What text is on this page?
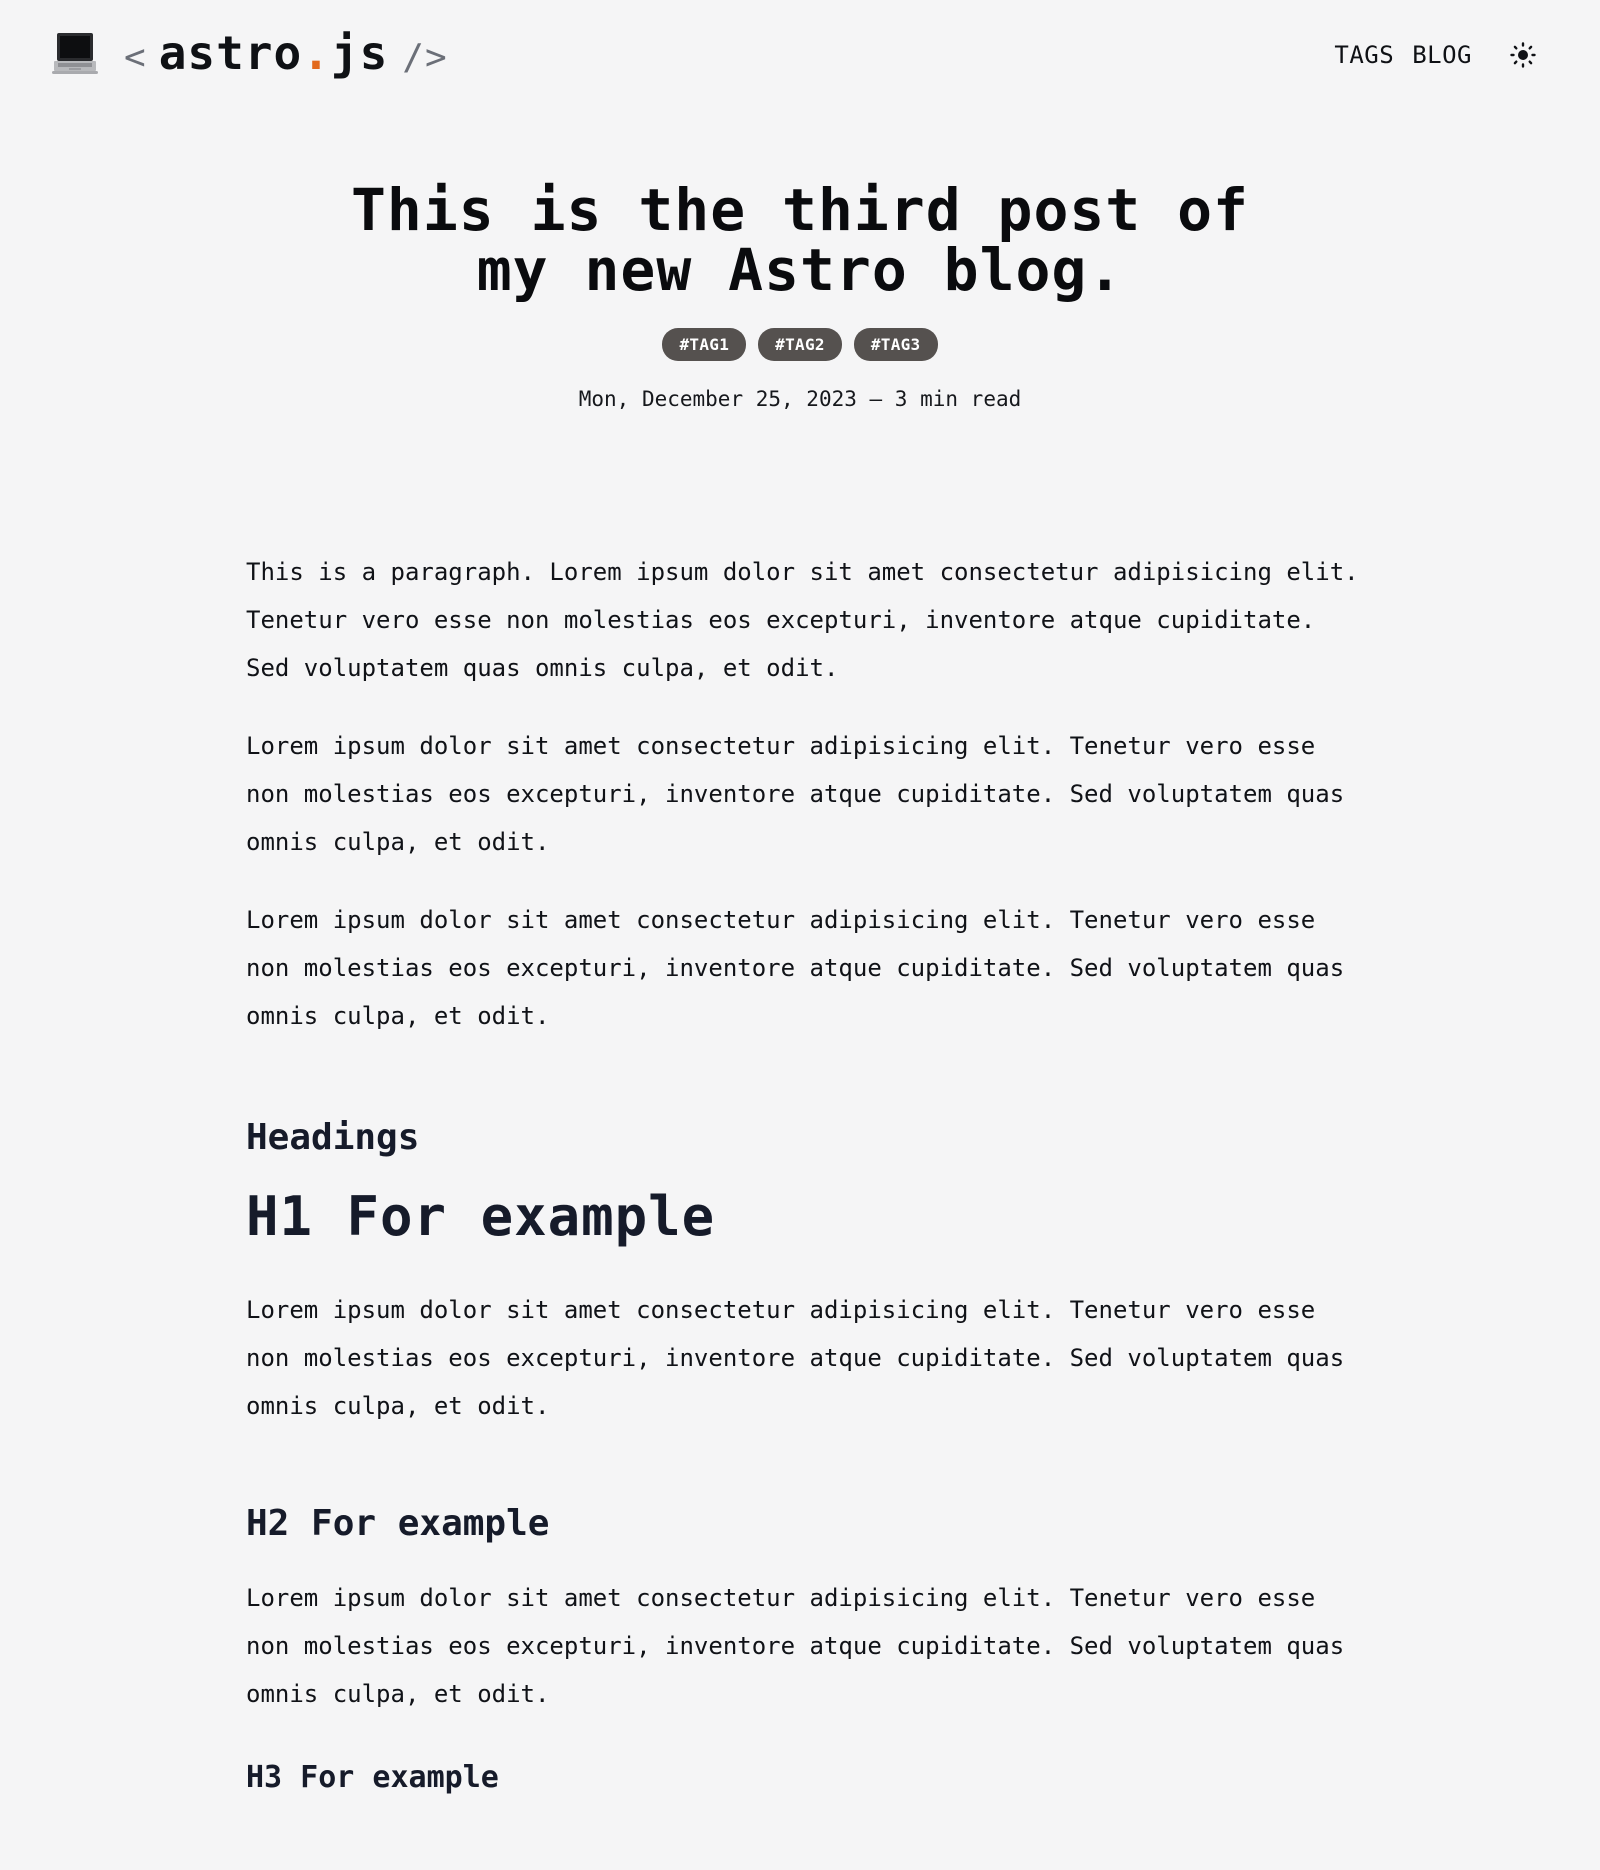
< astro . js />	TAGS BLOG
This is the third post of my new Astro blog.
#TAG1	#TAG2	#TAG3
Mon, December 25, 2023 – 3 min read

This is a paragraph. Lorem ipsum dolor sit amet consectetur adipisicing elit. Tenetur vero esse non molestias eos excepturi, inventore atque cupiditate. Sed voluptatem quas omnis culpa, et odit.

Lorem ipsum dolor sit amet consectetur adipisicing elit. Tenetur vero esse non molestias eos excepturi, inventore atque cupiditate. Sed voluptatem quas omnis culpa, et odit.

Lorem ipsum dolor sit amet consectetur adipisicing elit. Tenetur vero esse non molestias eos excepturi, inventore atque cupiditate. Sed voluptatem quas omnis culpa, et odit.

Headings
H1 For example

Lorem ipsum dolor sit amet consectetur adipisicing elit. Tenetur vero esse non molestias eos excepturi, inventore atque cupiditate. Sed voluptatem quas omnis culpa, et odit.

H2 For example

Lorem ipsum dolor sit amet consectetur adipisicing elit. Tenetur vero esse non molestias eos excepturi, inventore atque cupiditate. Sed voluptatem quas omnis culpa, et odit.

H3 For example
